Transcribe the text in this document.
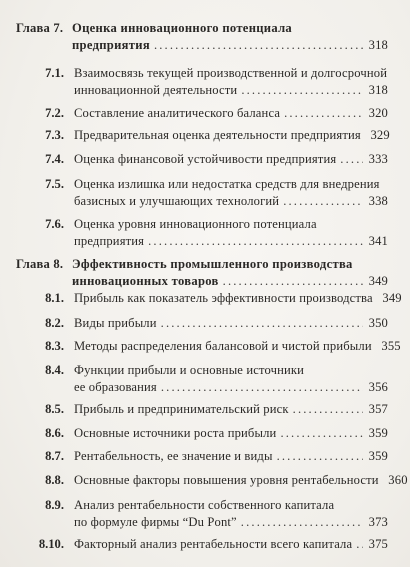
Глава 7. Оценка инновационного потенциала
предприятия . . .	318
7.1. Взаимосвязь текущей производственной и долгосрочной
инновационной деятельности . . .	318
7.2. Составление аналитического баланса . . .	320
7.3. Предварительная оценка деятельности предприятия 329
7.4. Оценка финансовой устойчивости предприятия . . .	333
7.5. Оценка излишка или недостатка средств для внедрения
базисных и улучшающих технологий . . .	338
7.6. Оценка уровня инновационного потенциала
предприятия . . .	341
Глава 8. Эффективность промышленного производства
инновационных товаров . . .	349
8.1. Прибыль как показатель эффективности производства 349
8.2. Виды прибыли . . .	350
8.3. Методы распределения балансовой и чистой прибыли 355
8.4. Функции прибыли и основные источники
ее образования . . .	356
8.5. Прибыль и предпринимательский риск . . .	357
8.6. Основные источники роста прибыли . . .	359
8.7. Рентабельность, ее значение и виды . . .	359
8.8. Основные факторы повышения уровня рентабельности 360
8.9. Анализ рентабельности собственного капитала
по формуле фирмы “Du Pont” . . .	373
8.10. Факторный анализ рентабельности всего капитала . . . 375
